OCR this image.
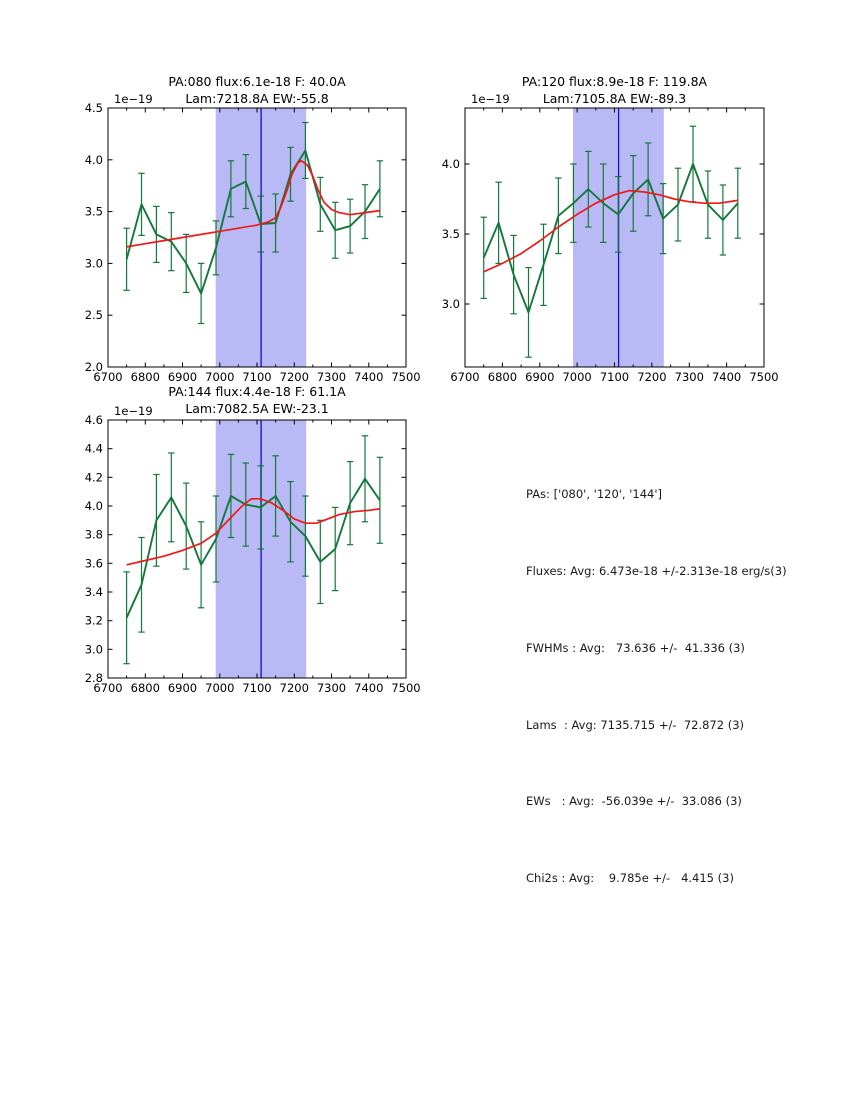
PA:080 flux:6.1e-18 F: 40.0A
Lam:7218.8A EW:-55.8
6700 6800 6900 7000 7100 7200 7300 7400 7500
2.0
2.5
3.0
3.5
4.0
4.5
1e−19
PA:120 flux:8.9e-18 F: 119.8A
Lam:7105.8A EW:-89.3
6700 6800 6900 7000 7100 7200 7300 7400 7500
3.0
3.5
4.0
1e−19
PA:144 flux:4.4e-18 F: 61.1A
Lam:7082.5A EW:-23.1
6700 6800 6900 7000 7100 7200 7300 7400 7500
2.8
3.0
3.2
3.4
3.6
3.8
4.0
4.2
4.4
4.6
1e−19

PAs: ['080', '120', '144']

Fluxes: Avg: 6.473e-18 +/-2.313e-18 erg/s(3)

FWHMs : Avg:   73.636 +/-  41.336 (3)

Lams  : Avg: 7135.715 +/-  72.872 (3)

EWs   : Avg:  -56.039e +/-  33.086 (3)

Chi2s : Avg:    9.785e +/-   4.415 (3)
